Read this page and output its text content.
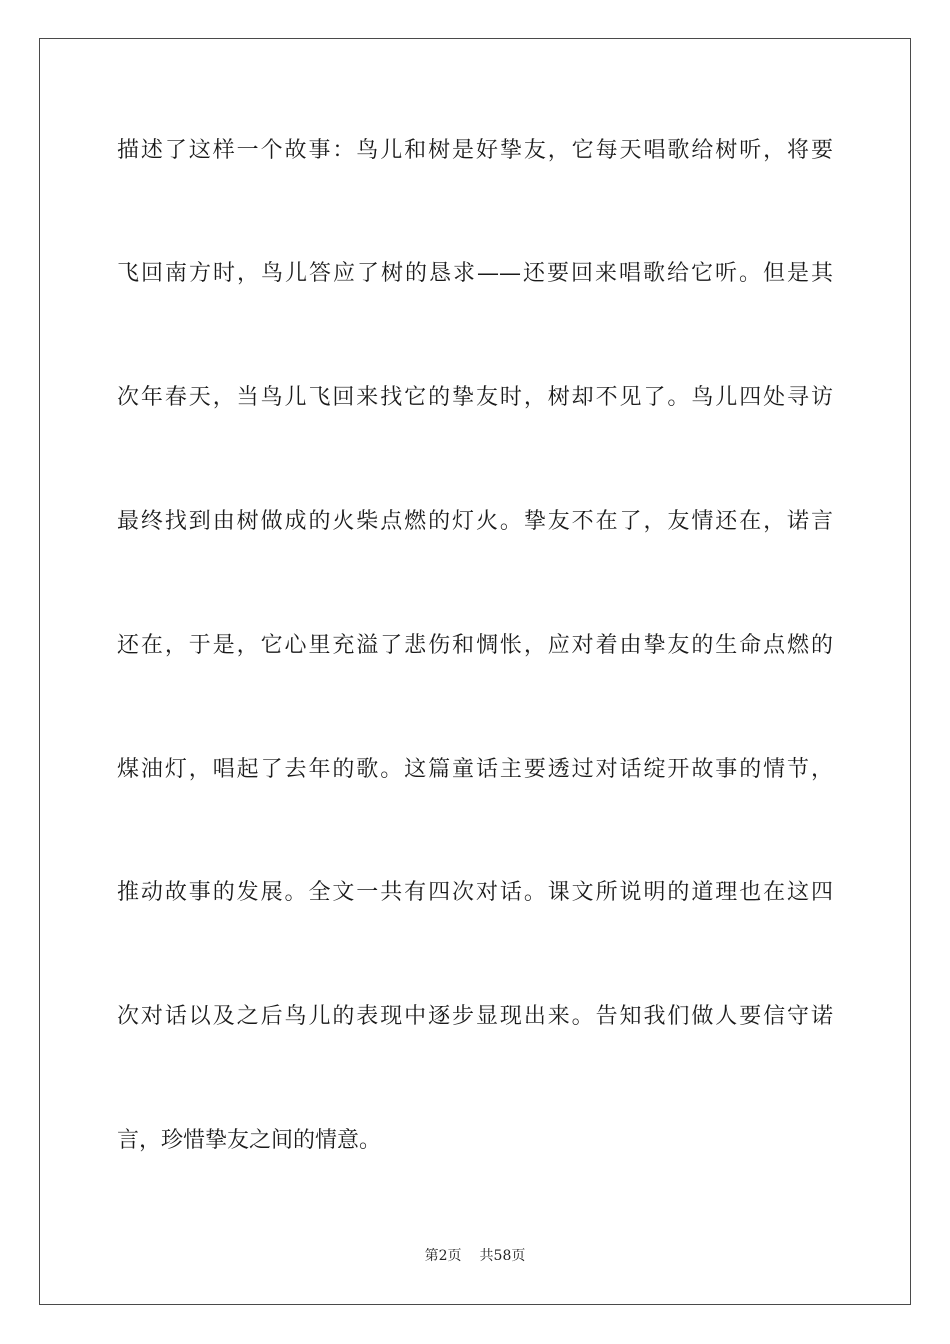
描述了这样一个故事：鸟儿和树是好挚友，它每天唱歌给树听，将要
飞回南方时，鸟儿答应了树的恳求——还要回来唱歌给它听。但是其
次年春天，当鸟儿飞回来找它的挚友时，树却不见了。鸟儿四处寻访
最终找到由树做成的火柴点燃的灯火。挚友不在了，友情还在，诺言
还在，于是，它心里充溢了悲伤和惆怅，应对着由挚友的生命点燃的
煤油灯，唱起了去年的歌。这篇童话主要透过对话绽开故事的情节，
推动故事的发展。全文一共有四次对话。课文所说明的道理也在这四
次对话以及之后鸟儿的表现中逐步显现出来。告知我们做人要信守诺
言，珍惜挚友之间的情意。
第2页 共58页
